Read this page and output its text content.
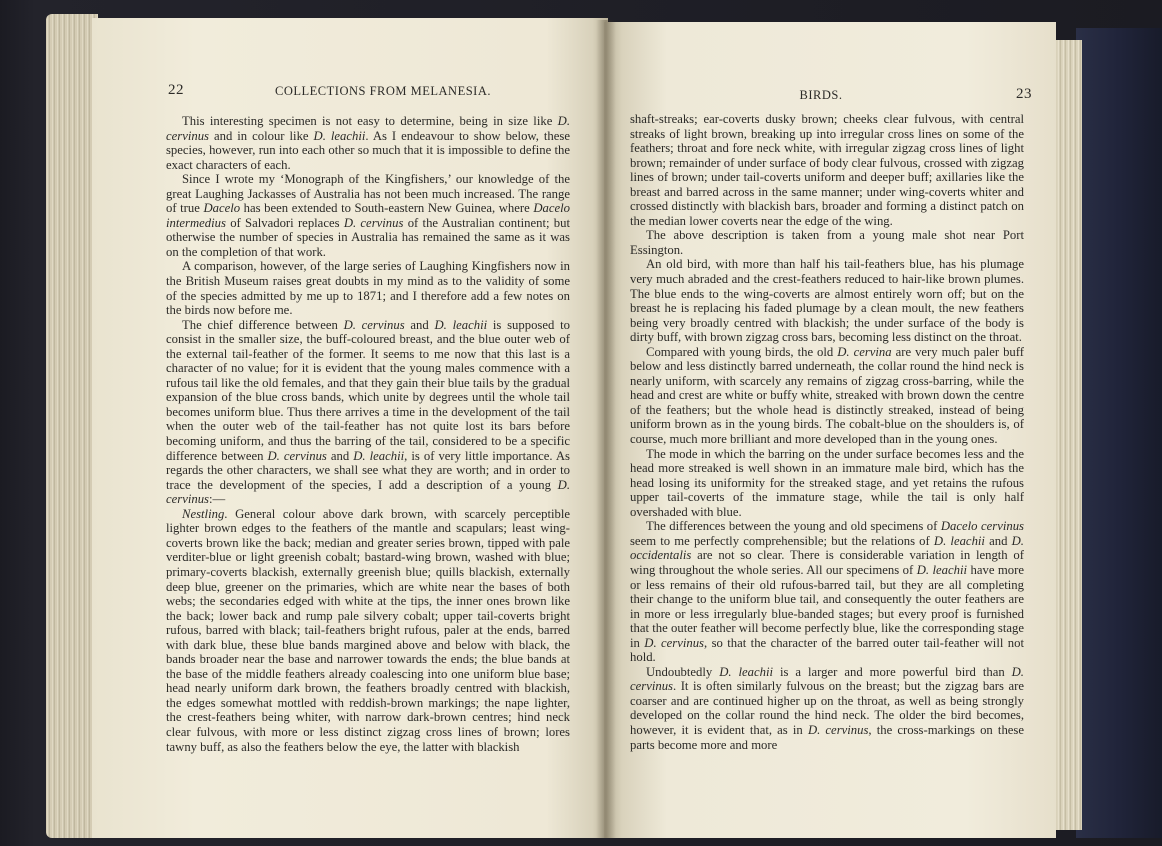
22	COLLECTIONS FROM MELANESIA.

This interesting specimen is not easy to determine, being in size like D. cervinus and in colour like D. leachii. As I endeavour to show below, these species, however, run into each other so much that it is impossible to define the exact characters of each.

Since I wrote my ‘Monograph of the Kingfishers,’ our knowledge of the great Laughing Jackasses of Australia has not been much increased. The range of true Dacelo has been extended to South-eastern New Guinea, where Dacelo intermedius of Salvadori replaces D. cervinus of the Australian continent; but otherwise the number of species in Australia has remained the same as it was on the completion of that work.

A comparison, however, of the large series of Laughing Kingfishers now in the British Museum raises great doubts in my mind as to the validity of some of the species admitted by me up to 1871; and I therefore add a few notes on the birds now before me.

The chief difference between D. cervinus and D. leachii is supposed to consist in the smaller size, the buff-coloured breast, and the blue outer web of the external tail-feather of the former. It seems to me now that this last is a character of no value; for it is evident that the young males commence with a rufous tail like the old females, and that they gain their blue tails by the gradual expansion of the blue cross bands, which unite by degrees until the whole tail becomes uniform blue. Thus there arrives a time in the development of the tail when the outer web of the tail-feather has not quite lost its bars before becoming uniform, and thus the barring of the tail, considered to be a specific difference between D. cervinus and D. leachii, is of very little importance. As regards the other characters, we shall see what they are worth; and in order to trace the development of the species, I add a description of a young D. cervinus:—

Nestling. General colour above dark brown, with scarcely perceptible lighter brown edges to the feathers of the mantle and scapulars; least wing-coverts brown like the back; median and greater series brown, tipped with pale verditer-blue or light greenish cobalt; bastard-wing brown, washed with blue; primary-coverts blackish, externally greenish blue; quills blackish, externally deep blue, greener on the primaries, which are white near the bases of both webs; the secondaries edged with white at the tips, the inner ones brown like the back; lower back and rump pale silvery cobalt; upper tail-coverts bright rufous, barred with black; tail-feathers bright rufous, paler at the ends, barred with dark blue, these blue bands margined above and below with black, the bands broader near the base and narrower towards the ends; the blue bands at the base of the middle feathers already coalescing into one uniform blue base; head nearly uniform dark brown, the feathers broadly centred with blackish, the edges somewhat mottled with reddish-brown markings; the nape lighter, the crest-feathers being whiter, with narrow dark-brown centres; hind neck clear fulvous, with more or less distinct zigzag cross lines of brown; lores tawny buff, as also the feathers below the eye, the latter with blackish

BIRDS.	23

shaft-streaks; ear-coverts dusky brown; cheeks clear fulvous, with central streaks of light brown, breaking up into irregular cross lines on some of the feathers; throat and fore neck white, with irregular zigzag cross lines of light brown; remainder of under surface of body clear fulvous, crossed with zigzag lines of brown; under tail-coverts uniform and deeper buff; axillaries like the breast and barred across in the same manner; under wing-coverts whiter and crossed distinctly with blackish bars, broader and forming a distinct patch on the median lower coverts near the edge of the wing.

The above description is taken from a young male shot near Port Essington.

An old bird, with more than half his tail-feathers blue, has his plumage very much abraded and the crest-feathers reduced to hair-like brown plumes. The blue ends to the wing-coverts are almost entirely worn off; but on the breast he is replacing his faded plumage by a clean moult, the new feathers being very broadly centred with blackish; the under surface of the body is dirty buff, with brown zigzag cross bars, becoming less distinct on the throat.

Compared with young birds, the old D. cervina are very much paler buff below and less distinctly barred underneath, the collar round the hind neck is nearly uniform, with scarcely any remains of zigzag cross-barring, while the head and crest are white or buffy white, streaked with brown down the centre of the feathers; but the whole head is distinctly streaked, instead of being uniform brown as in the young birds. The cobalt-blue on the shoulders is, of course, much more brilliant and more developed than in the young ones.

The mode in which the barring on the under surface becomes less and the head more streaked is well shown in an immature male bird, which has the head losing its uniformity for the streaked stage, and yet retains the rufous upper tail-coverts of the immature stage, while the tail is only half overshaded with blue.

The differences between the young and old specimens of Dacelo cervinus seem to me perfectly comprehensible; but the relations of D. leachii and D. occidentalis are not so clear. There is considerable variation in length of wing throughout the whole series. All our specimens of D. leachii have more or less remains of their old rufous-barred tail, but they are all completing their change to the uniform blue tail, and consequently the outer feathers are in more or less irregularly blue-banded stages; but every proof is furnished that the outer feather will become perfectly blue, like the corresponding stage in D. cervinus, so that the character of the barred outer tail-feather will not hold.

Undoubtedly D. leachii is a larger and more powerful bird than D. cervinus. It is often similarly fulvous on the breast; but the zigzag bars are coarser and are continued higher up on the throat, as well as being strongly developed on the collar round the hind neck. The older the bird becomes, however, it is evident that, as in D. cervinus, the cross-markings on these parts become more and more
